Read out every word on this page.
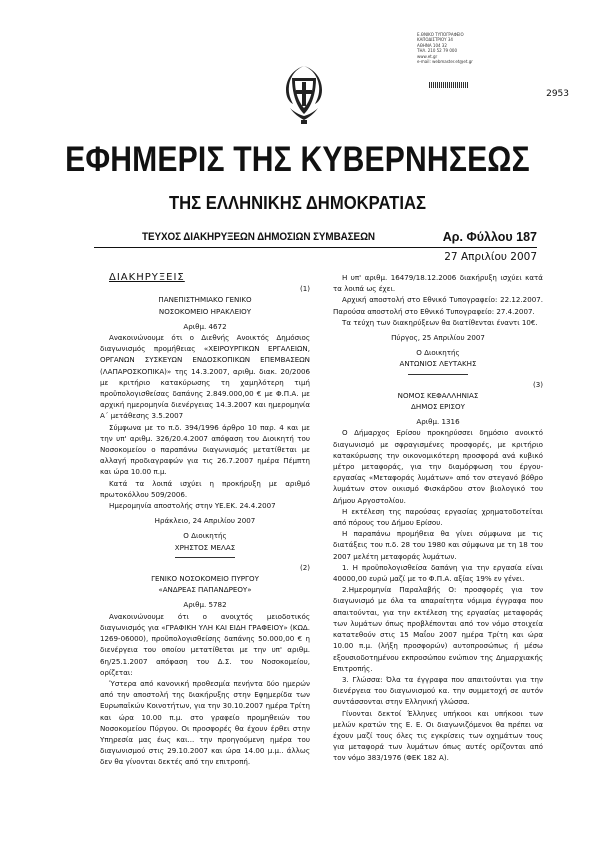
Ε.ΘΝΙΚΟ ΤΥΠΟΓΡΑΦΕΙΟ
ΚΑΠΟΔΙΣΤΡΙΟΥ 34
ΑΘΗΝΑ 104 32
ΤΗΛ. 210 52 79 000
www.et.gr
e-mail: webmaster.et@et.gr
2953
ΕΦΗΜΕΡΙΣ ΤΗΣ ΚΥΒΕΡΝΗΣΕΩΣ
ΤΗΣ ΕΛΛΗΝΙΚΗΣ ΔΗΜΟΚΡΑΤΙΑΣ
ΤΕΥΧΟΣ ΔΙΑΚΗΡΥΞΕΩΝ ΔΗΜΟΣΙΩΝ ΣΥΜΒΑΣΕΩΝ	Αρ. Φύλλου 187
27 Απριλίου 2007

ΔΙΑΚΗΡΥΞΕΙΣ

(1)

ΠΑΝΕΠΙΣΤΗΜΙΑΚΟ ΓΕΝΙΚΟ

ΝΟΣΟΚΟΜΕΙΟ ΗΡΑΚΛΕΙΟΥ

Αριθμ. 4672

Ανακοινώνουμε ότι ο Διεθνής Ανοικτός Δημόσιος διαγωνισμός προμήθειας «ΧΕΙΡΟΥΡΓΙΚΩΝ ΕΡΓΑΛΕΙΩΝ, ΟΡΓΑΝΩΝ ΣΥΣΚΕΥΩΝ ΕΝΔΟΣΚΟΠΙΚΩΝ ΕΠΕΜΒΑΣΕΩΝ (ΛΑΠΑΡΟΣΚΟΠΙΚΑ)» της 14.3.2007, αριθμ. διακ. 20/2006 με κριτήριο κατακύρωσης τη χαμηλότερη τιμή προϋπολογισθείσας δαπάνης 2.849.000,00 € με Φ.Π.Α. με αρχική ημερομηνία διενέργειας 14.3.2007 και ημερομηνία Α΄ μετάθεσης 3.5.2007

Σύμφωνα με το π.δ. 394/1996 άρθρο 10 παρ. 4 και με την υπ' αριθμ. 326/20.4.2007 απόφαση του Διοικητή του Νοσοκομείου ο παραπάνω διαγωνισμός μετατίθεται με αλλαγή προδιαγραφών για τις 26.7.2007 ημέρα Πέμπτη και ώρα 10.00 π.μ.

Κατά τα λοιπά ισχύει η προκήρυξη με αριθμό πρωτοκόλλου 509/2006.

Ημερομηνία αποστολής στην ΥΕ.ΕΚ. 24.4.2007

Ηράκλειο, 24 Απριλίου 2007

Ο Διοικητής

ΧΡΗΣΤΟΣ ΜΕΛΑΣ

(2)

ΓΕΝΙΚΟ ΝΟΣΟΚΟΜΕΙΟ ΠΥΡΓΟΥ

«ΑΝΔΡΕΑΣ ΠΑΠΑΝΔΡΕΟΥ»

Αριθμ. 5782

Ανακοινώνουμε ότι ο ανοιχτός μειοδοτικός διαγωνισμός για «ΓΡΑΦΙΚΗ ΥΛΗ ΚΑΙ ΕΙΔΗ ΓΡΑΦΕΙΟΥ» (ΚΩΔ. 1269-06000), προϋπολογισθείσης δαπάνης 50.000,00 € η διενέργεια του οποίου μετατίθεται με την υπ' αριθμ. 6η/25.1.2007 απόφαση του Δ.Σ. του Νοσοκομείου, ορίζεται:

Ύστερα από κανονική προθεσμία πενήντα δύο ημερών από την αποστολή της διακήρυξης στην Εφημερίδα των Ευρωπαϊκών Κοινοτήτων, για την 30.10.2007 ημέρα Τρίτη και ώρα 10.00 π.μ. στο γραφείο προμηθειών του Νοσοκομείου Πύργου. Οι προσφορές θα έχουν έρθει στην Υπηρεσία μας έως και... την προηγούμενη ημέρα του διαγωνισμού στις 29.10.2007 και ώρα 14.00 μ.μ.. άλλως δεν θα γίνονται δεκτές από την επιτροπή.

Η υπ' αριθμ. 16479/18.12.2006 διακήρυξη ισχύει κατά τα λοιπά ως έχει.

Αρχική αποστολή στο Εθνικό Τυπογραφείο: 22.12.2007. Παρούσα αποστολή στο Εθνικό Τυπογραφείο: 27.4.2007.

Τα τεύχη των διακηρύξεων θα διατίθενται έναντι 10€.

Πύργος, 25 Απριλίου 2007

Ο Διοικητής

ΑΝΤΩΝΙΟΣ ΛΕΥΤΑΚΗΣ

(3)

ΝΟΜΟΣ ΚΕΦΑΛΛΗΝΙΑΣ

ΔΗΜΟΣ ΕΡΙΣΟΥ

Αριθμ. 1316

Ο Δήμαρχος Ερίσου προκηρύσσει δημόσιο ανοικτό διαγωνισμό με σφραγισμένες προσφορές, με κριτήριο κατακύρωσης την οικονομικότερη προσφορά ανά κυβικό μέτρο μεταφοράς, για την διαμόρφωση του έργου-εργασίας «Μεταφοράς λυμάτων» από τον στεγανό βόθρο λυμάτων στον οικισμό Φισκάρδου στον βιολογικό του Δήμου Αργοστολίου.

Η εκτέλεση της παρούσας εργασίας χρηματοδοτείται από πόρους του Δήμου Ερίσου.

Η παραπάνω προμήθεια θα γίνει σύμφωνα με τις διατάξεις του π.δ. 28 του 1980 και σύμφωνα με τη 18 του 2007 μελέτη μεταφοράς λυμάτων.

1. Η προϋπολογισθείσα δαπάνη για την εργασία είναι 40000,00 ευρώ μαζί με το Φ.Π.Α. αξίας 19% εν γένει.

2.Ημερομηνία Παραλαβής Ο: προσφορές για τον διαγωνισμό με όλα τα απαραίτητα νόμιμα έγγραφα που απαιτούνται, για την εκτέλεση της εργασίας μεταφοράς των λυμάτων όπως προβλέπονται από τον νόμο στοιχεία κατατεθούν στις 15 Μαΐου 2007 ημέρα Τρίτη και ώρα 10.00 π.μ. (λήξη προσφορών) αυτοπροσώπως ή μέσω εξουσιοδοτημένου εκπροσώπου ενώπιον της Δημαρχιακής Επιτροπής.

3. Γλώσσα: Όλα τα έγγραφα που απαιτούνται για την διενέργεια του διαγωνισμού κα. την συμμετοχή σε αυτόν συντάσσονται στην Ελληνική γλώσσα.

Γίνονται δεκτοί Έλληνες υπήκοοι και υπήκοοι των μελών κρατών της Ε. Ε. Οι διαγωνιζόμενοι θα πρέπει να έχουν μαζί τους όλες τις εγκρίσεις των οχημάτων τους για μεταφορά των λυμάτων όπως αυτές ορίζονται από τον νόμο 383/1976 (ΦΕΚ 182 Α).
